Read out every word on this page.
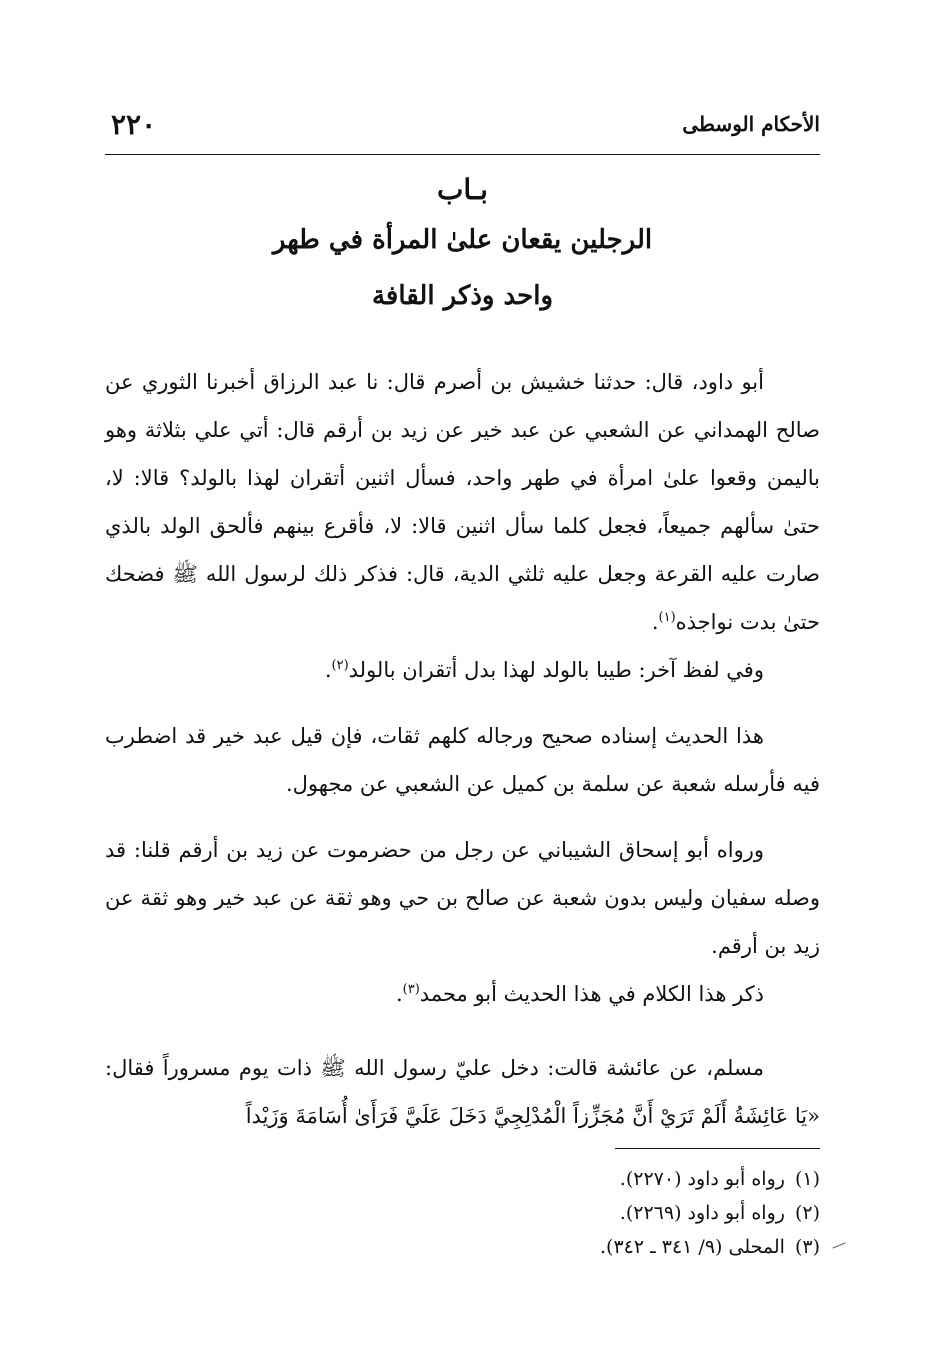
الأحكام الوسطى
٢٢٠
بـاب
الرجلين يقعان علىٰ المرأة في طهر
واحد وذكر القافة

أبو داود، قال: حدثنا خشيش بن أصرم قال: نا عبد الرزاق أخبرنا الثوري عن صالح الهمداني عن الشعبي عن عبد خير عن زيد بن أرقم قال: أتي علي بثلاثة وهو باليمن وقعوا علىٰ امرأة في طهر واحد، فسأل اثنين أتقران لهذا بالولد؟ قالا: لا، حتىٰ سألهم جميعاً، فجعل كلما سأل اثنين قالا: لا، فأقرع بينهم فألحق الولد بالذي صارت عليه القرعة وجعل عليه ثلثي الدية، قال: فذكر ذلك لرسول الله ﷺ فضحك حتىٰ بدت نواجذه$^{(١)}$.

وفي لفظ آخر: طيبا بالولد لهذا بدل أتقران بالولد$^{(٢)}$.

هذا الحديث إسناده صحيح ورجاله كلهم ثقات، فإن قيل عبد خير قد اضطرب فيه فأرسله شعبة عن سلمة بن كميل عن الشعبي عن مجهول.

ورواه أبو إسحاق الشيباني عن رجل من حضرموت عن زيد بن أرقم قلنا: قد وصله سفيان وليس بدون شعبة عن صالح بن حي وهو ثقة عن عبد خير وهو ثقة عن زيد بن أرقم.

ذكر هذا الكلام في هذا الحديث أبو محمد$^{(٣)}$.

مسلم، عن عائشة قالت: دخل عليّ رسول الله ﷺ ذات يوم مسروراً فقال: «يَا عَائِشَةُ أَلَمْ تَرَيْ أَنَّ مُجَزِّزاً الْمُدْلِجِيَّ دَخَلَ عَلَيَّ فَرَأَىٰ أُسَامَةَ وَزَيْداً

(١)رواه أبو داود (٢٢٧٠).
(٢)رواه أبو داود (٢٢٦٩).
(٣)المحلى (٩/ ٣٤١ ـ ٣٤٢).
